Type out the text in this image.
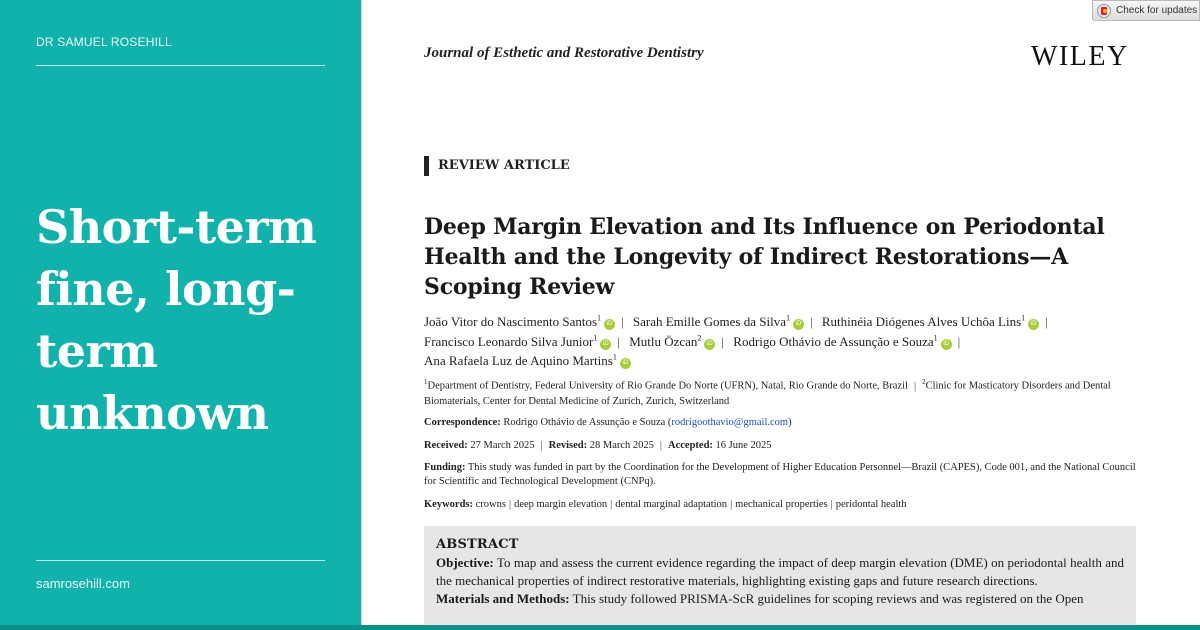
DR SAMUEL ROSEHILL
Short-term fine, long-term unknown
samrosehill.com
Check for updates
Journal of Esthetic and Restorative Dentistry	WILEY
REVIEW ARTICLE
Deep Margin Elevation and Its Influence on Periodontal Health and the Longevity of Indirect Restorations—A Scoping Review
João Vitor do Nascimento Santos$^1$iD | Sarah Emille Gomes da Silva$^1$iD | Ruthinéia Diógenes Alves Uchôa Lins$^1$iD |
Francisco Leonardo Silva Junior$^1$iD | Mutlu Özcan$^2$iD | Rodrigo Othávio de Assunção e Souza$^1$iD |
Ana Rafaela Luz de Aquino Martins$^1$iD
$^1$Department of Dentistry, Federal University of Rio Grande Do Norte (UFRN), Natal, Rio Grande do Norte, Brazil | $^2$Clinic for Masticatory Disorders and Dental Biomaterials, Center for Dental Medicine of Zurich, Zurich, Switzerland
Correspondence: Rodrigo Othávio de Assunção e Souza (rodrigoothavio@gmail.com)
Received: 27 March 2025 | Revised: 28 March 2025 | Accepted: 16 June 2025
Funding: This study was funded in part by the Coordination for the Development of Higher Education Personnel—Brazil (CAPES), Code 001, and the National Council for Scientific and Technological Development (CNPq).
Keywords: crowns | deep margin elevation | dental marginal adaptation | mechanical properties | peridontal health
ABSTRACT
Objective: To map and assess the current evidence regarding the impact of deep margin elevation (DME) on periodontal health and the mechanical properties of indirect restorative materials, highlighting existing gaps and future research directions.
Materials and Methods: This study followed PRISMA-ScR guidelines for scoping reviews and was registered on the Open
